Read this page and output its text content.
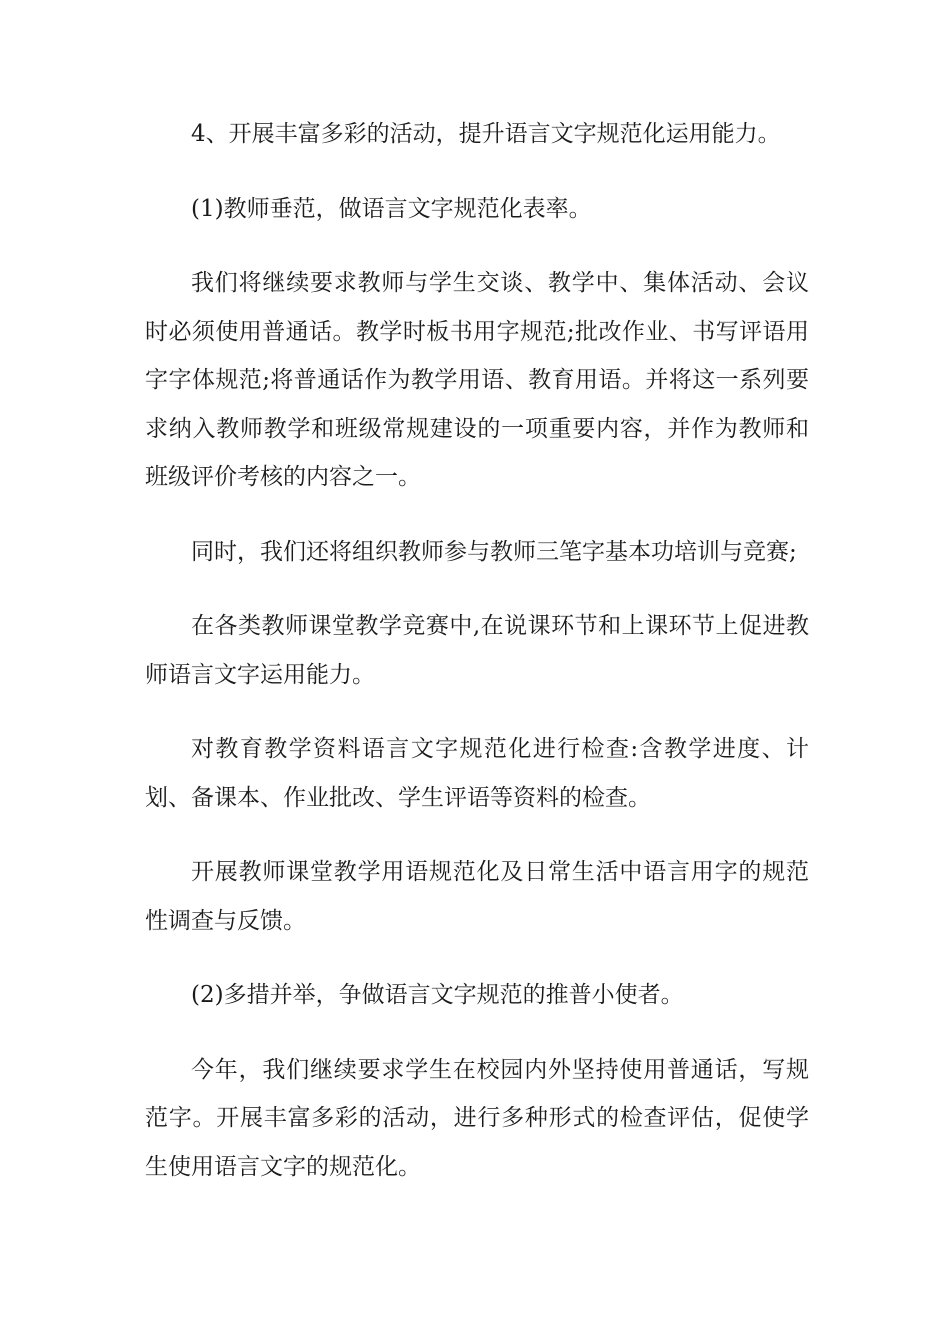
4、开展丰富多彩的活动，提升语言文字规范化运用能力。

(1)教师垂范，做语言文字规范化表率。

我们将继续要求教师与学生交谈、教学中、集体活动、会议时必须使用普通话。教学时板书用字规范;批改作业、书写评语用字字体规范;将普通话作为教学用语、教育用语。并将这一系列要求纳入教师教学和班级常规建设的一项重要内容，并作为教师和班级评价考核的内容之一。

同时，我们还将组织教师参与教师三笔字基本功培训与竞赛;

在各类教师课堂教学竞赛中,在说课环节和上课环节上促进教师语言文字运用能力。

对教育教学资料语言文字规范化进行检查:含教学进度、计划、备课本、作业批改、学生评语等资料的检查。

开展教师课堂教学用语规范化及日常生活中语言用字的规范性调查与反馈。

(2)多措并举，争做语言文字规范的推普小使者。

今年，我们继续要求学生在校园内外坚持使用普通话，写规范字。开展丰富多彩的活动，进行多种形式的检查评估，促使学生使用语言文字的规范化。
